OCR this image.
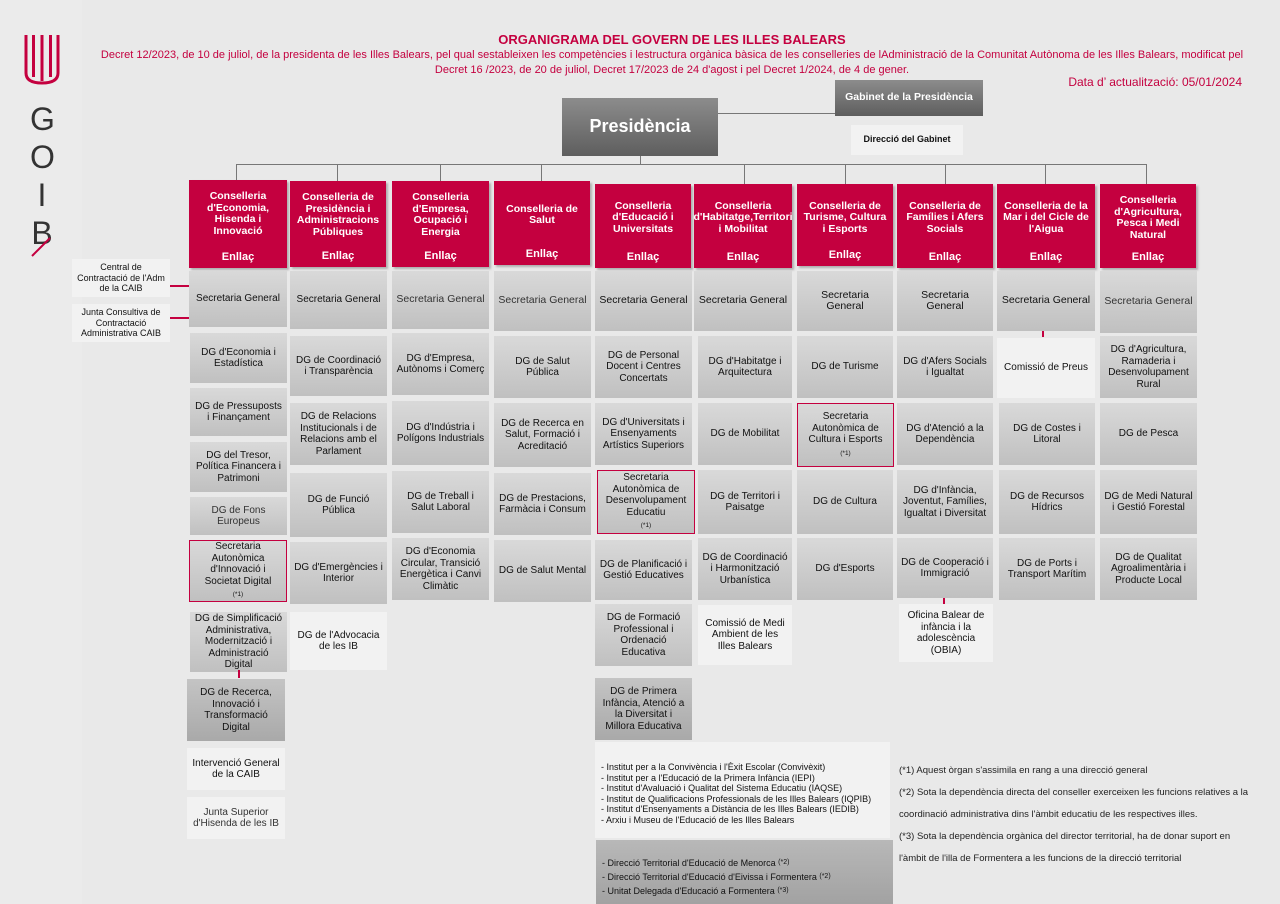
G
O
I
B
ORGANIGRAMA DEL GOVERN DE LES ILLES BALEARS
Decret 12/2023, de 10 de juliol, de la presidenta de les Illes Balears, pel qual sestableixen les competències i lestructura orgànica bàsica de les conselleries de lAdministració de la Comunitat Autònoma de les Illes Balears, modificat pel Decret 16 /2023, de 20 de juliol, Decret 17/2023 de 24 d'agost i pel Decret 1/2024, de 4 de gener.
Data d’ actualització: 05/01/2024
Presidència
Gabinet de la Presidència
Direcció del Gabinet
Central de Contractació de l'Adm de la CAIB
Junta Consultiva de Contractació Administrativa CAIB
Conselleria d'Economia, Hisenda i Innovació
Enllaç
Conselleria de Presidència i Administracions Públiques
Enllaç
Conselleria d'Empresa, Ocupació i Energia
Enllaç
Conselleria de Salut
Enllaç
Conselleria d'Educació i Universitats
Enllaç
Conselleria d'Habitatge,Territori i Mobilitat
Enllaç
Conselleria de Turisme, Cultura i Esports
Enllaç
Conselleria de Famílies i Afers Socials
Enllaç
Conselleria de la Mar i del Cicle de l'Aigua
Enllaç
Conselleria d'Agricultura, Pesca i Medi Natural
Enllaç
Secretaria General
DG d'Economia i Estadística
DG de Pressuposts i Finançament
DG del Tresor, Política Financera i Patrimoni
DG de Fons Europeus
Secretaria Autonòmica d'Innovació i Societat Digital
(*1)
DG de Simplificació Administrativa, Modernització i Administració Digital
DG de Recerca, Innovació i Transformació Digital
Intervenció General de la CAIB
Junta Superior d'Hisenda de les IB
Secretaria General
DG de Coordinació i Transparència
DG de Relacions Institucionals i de Relacions amb el Parlament
DG de Funció Pública
DG d'Emergències i Interior
DG de l'Advocacia de les IB
Secretaria General
DG d'Empresa, Autònoms i Comerç
DG d'Indústria i Polígons Industrials
DG de Treball i Salut Laboral
DG d'Economia Circular, Transició Energètica i Canvi Climàtic
Secretaria General
DG de Salut Pública
DG de Recerca en Salut, Formació i Acreditació
DG de Prestacions, Farmàcia i Consum
DG de Salut Mental
Secretaria General
DG de Personal Docent i Centres Concertats
DG d'Universitats i Ensenyaments Artístics Superiors
Secretaria Autonòmica de Desenvolupament Educatiu
(*1)
DG de Planificació i Gestió Educatives
DG de Formació Professional i Ordenació Educativa
DG de Primera Infància, Atenció a la Diversitat i Millora Educativa
- Institut per a la Convivència i l'Èxit Escolar (Convivèxit)
- Institut per a l'Educació de la Primera Infància (IEPI)
- Institut d'Avaluació i Qualitat del Sistema Educatiu (IAQSE)
- Institut de Qualificacions Professionals de les Illes Balears (IQPIB)
- Institut d'Ensenyaments a Distància de les Illes Balears (IEDIB)
- Arxiu i Museu de l'Educació de les Illes Balears
- Direcció Territorial d'Educació de Menorca $^{(*2)}$
- Direcció Territorial d'Educació d'Eivissa i Formentera $^{(*2)}$
- Unitat Delegada d'Educació a Formentera $^{(*3)}$
Secretaria General
DG d'Habitatge i Arquitectura
DG de Mobilitat
DG de Territori i Paisatge
DG de Coordinació i Harmonització Urbanística
Comissió de Medi Ambient de les Illes Balears
Secretaria General
DG de Turisme
Secretaria Autonòmica de Cultura i Esports
(*1)
DG de Cultura
DG d'Esports
Secretaria General
DG d'Afers Socials i Igualtat
DG d'Atenció a la Dependència
DG d'Infància, Joventut, Famílies, Igualtat i Diversitat
DG de Cooperació i Immigració
Oficina Balear de infància i la adolescència (OBIA)
Secretaria General
Comissió de Preus
DG de Costes i Litoral
DG de Recursos Hídrics
DG de Ports i Transport Marítim
Secretaria General
DG d'Agricultura, Ramaderia i Desenvolupament Rural
DG de Pesca
DG de Medi Natural i Gestió Forestal
DG de Qualitat Agroalimentària i Producte Local
(*1) Aquest òrgan s'assimila en rang a una direcció general
(*2) Sota la dependència directa del conseller exerceixen les funcions relatives a la
coordinació administrativa dins l'àmbit educatiu de les respectives illes.
(*3) Sota la dependència orgànica del director territorial, ha de donar suport en
l'àmbit de l'illa de Formentera a les funcions de la direcció territorial
